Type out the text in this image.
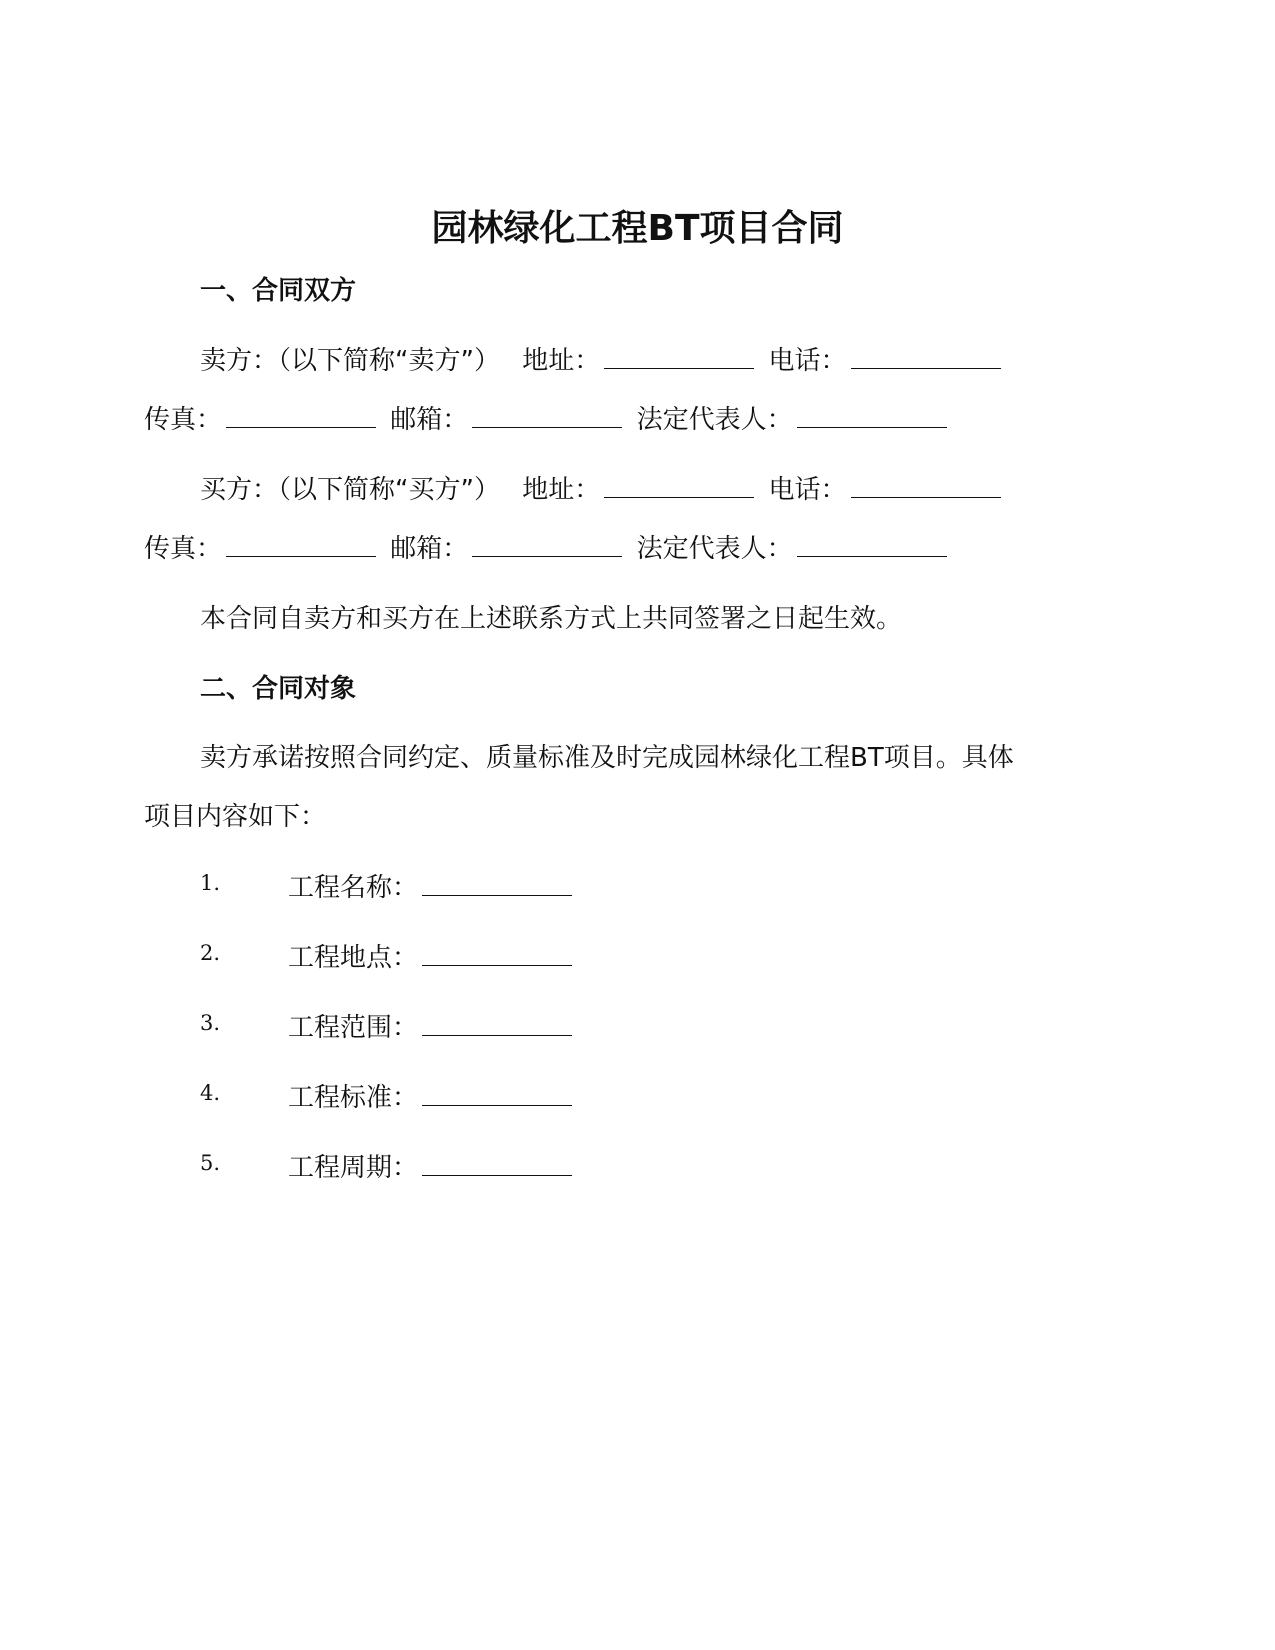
园林绿化工程BT项目合同
一、合同双方
卖方：（以下简称“卖方”） 地址：	电话：
传真：	邮箱：	法定代表人：
买方：（以下简称“买方”） 地址：	电话：
传真：	邮箱：	法定代表人：
本合同自卖方和买方在上述联系方式上共同签署之日起生效。
二、合同对象
卖方承诺按照合同约定、质量标准及时完成园林绿化工程BT项目。具体
项目内容如下：
1.	工程名称：
2.	工程地点：
3.	工程范围：
4.	工程标准：
5.	工程周期：
